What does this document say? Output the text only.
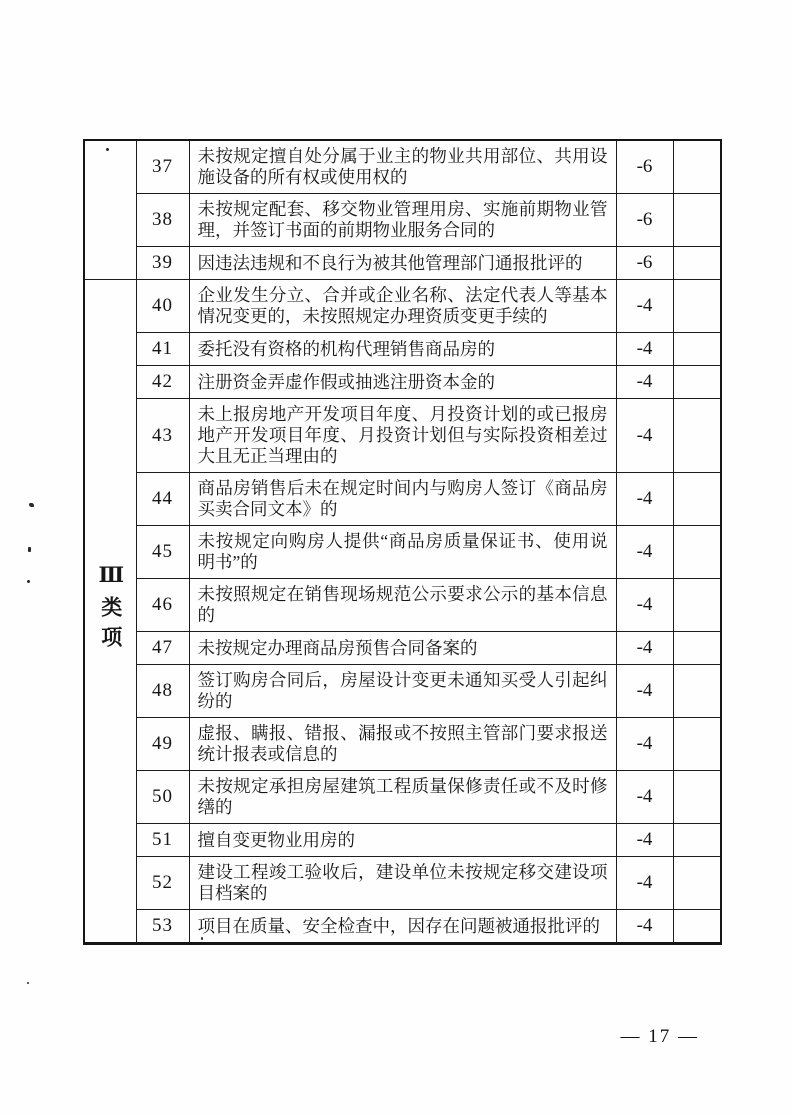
	37	未按规定擅自处分属于业主的物业共用部位、共用设施设备的所有权或使用权的	-6	
	38	未按规定配套、移交物业管理用房、实施前期物业管理，并签订书面的前期物业服务合同的	-6	
	39	因违法违规和不良行为被其他管理部门通报批评的	-6	
Ⅲ类项	40	企业发生分立、合并或企业名称、法定代表人等基本情况变更的，未按照规定办理资质变更手续的	-4	
	41	委托没有资格的机构代理销售商品房的	-4	
	42	注册资金弄虚作假或抽逃注册资本金的	-4	
	43	未上报房地产开发项目年度、月投资计划的或已报房地产开发项目年度、月投资计划但与实际投资相差过大且无正当理由的	-4	
	44	商品房销售后未在规定时间内与购房人签订《商品房买卖合同文本》的	-4	
	45	未按规定向购房人提供“商品房质量保证书、使用说明书”的	-4	
	46	未按照规定在销售现场规范公示要求公示的基本信息的	-4	
	47	未按规定办理商品房预售合同备案的	-4	
	48	签订购房合同后，房屋设计变更未通知买受人引起纠纷的	-4	
	49	虚报、瞒报、错报、漏报或不按照主管部门要求报送统计报表或信息的	-4	
	50	未按规定承担房屋建筑工程质量保修责任或不及时修缮的	-4	
	51	擅自变更物业用房的	-4	
	52	建设工程竣工验收后，建设单位未按规定移交建设项目档案的	-4	
	53	项目在质量、安全检查中，因存在问题被通报批评的	-4	
— 17 —
